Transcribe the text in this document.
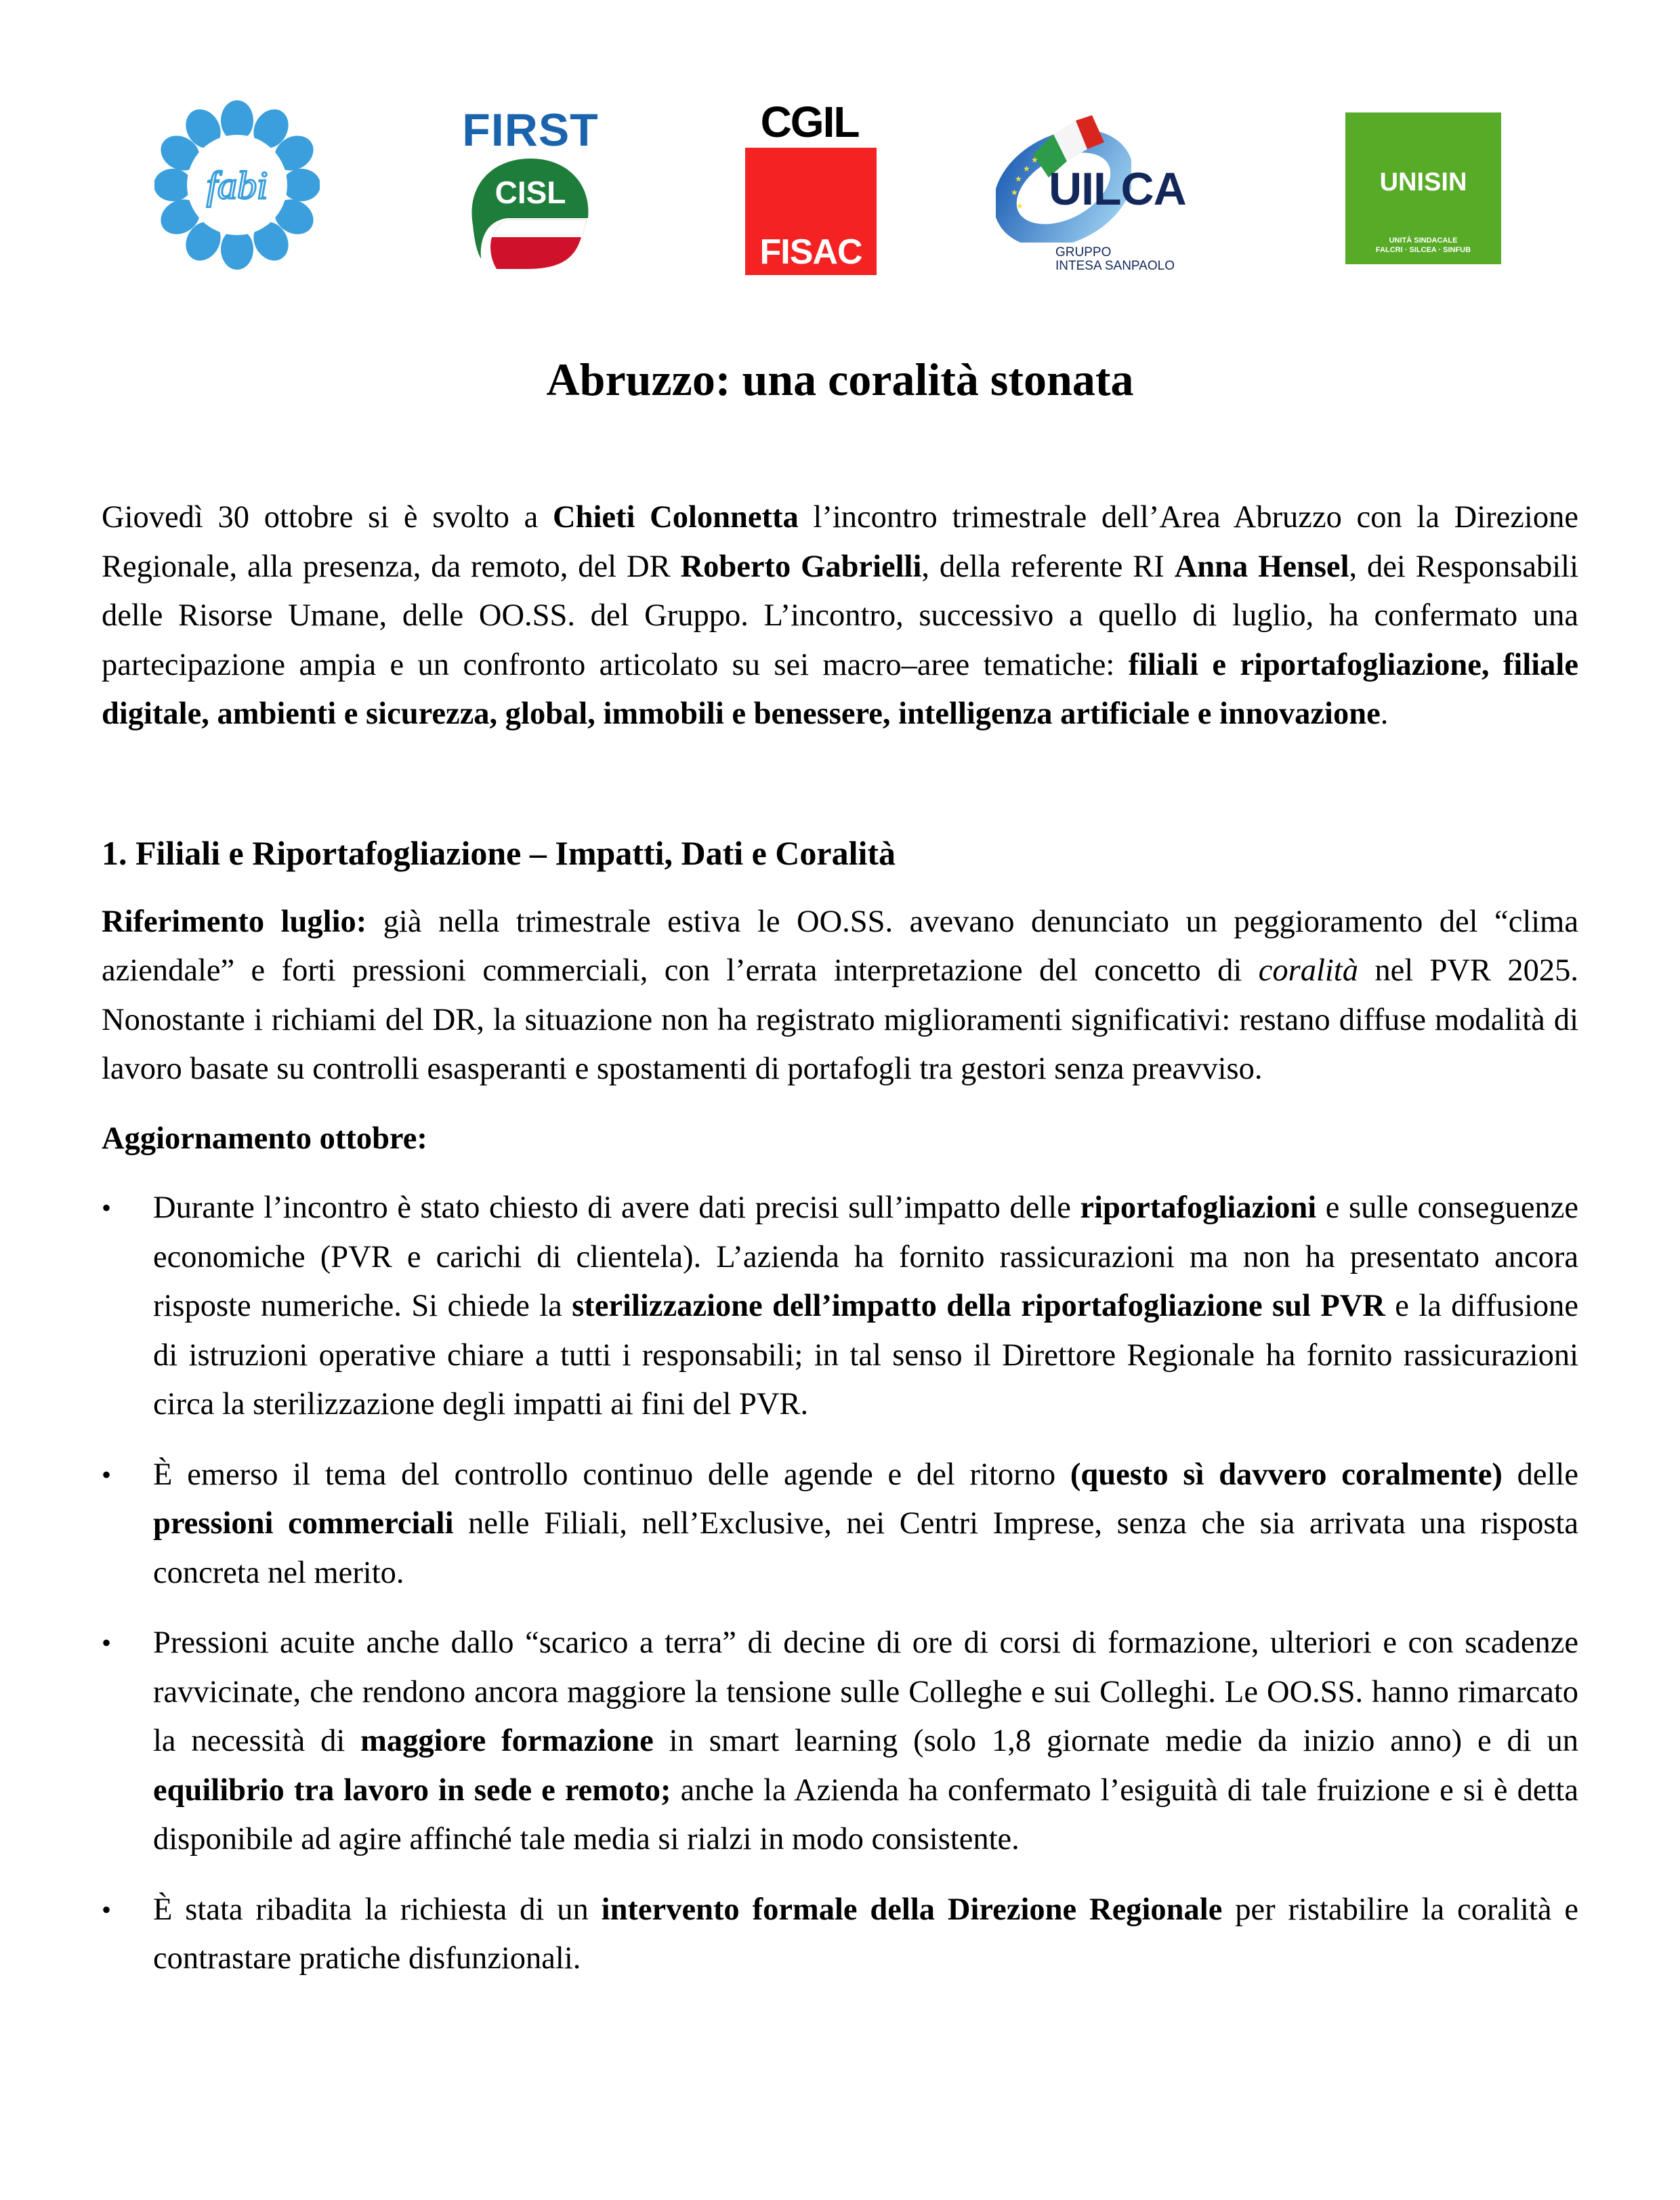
fabi
FIRST
CISL
CGIL
FISAC
★
★
★
★
★
UILCA
GRUPPO
INTESA SANPAOLO
UNISIN
UNITÀ SINDACALE
FALCRI · SILCEA · SINFUB
Abruzzo: una coralità stonata

Giovedì 30 ottobre si è svolto a Chieti Colonnetta l’incontro trimestrale dell’Area Abruzzo con la Direzione Regionale, alla presenza, da remoto, del DR Roberto Gabrielli, della referente RI Anna Hensel, dei Responsabili delle Risorse Umane, delle OO.SS. del Gruppo. L’incontro, successivo a quello di luglio, ha confermato una partecipazione ampia e un confronto articolato su sei macro–aree tematiche: filiali e riportafogliazione, filiale digitale, ambienti e sicurezza, global, immobili e benessere, intelligenza artificiale e innovazione.

1. Filiali e Riportafogliazione – Impatti, Dati e Coralità

Riferimento luglio: già nella trimestrale estiva le OO.SS. avevano denunciato un peggioramento del “clima aziendale” e forti pressioni commerciali, con l’errata interpretazione del concetto di coralità nel PVR 2025. Nonostante i richiami del DR, la situazione non ha registrato miglioramenti significativi: restano diffuse modalità di lavoro basate su controlli esasperanti e spostamenti di portafogli tra gestori senza preavviso.

Aggiornamento ottobre:

• Durante l’incontro è stato chiesto di avere dati precisi sull’impatto delle riportafogliazioni e sulle conseguenze economiche (PVR e carichi di clientela). L’azienda ha fornito rassicurazioni ma non ha presentato ancora risposte numeriche. Si chiede la sterilizzazione dell’impatto della riportafogliazione sul PVR e la diffusione di istruzioni operative chiare a tutti i responsabili; in tal senso il Direttore Regionale ha fornito rassicurazioni circa la sterilizzazione degli impatti ai fini del PVR.
• È emerso il tema del controllo continuo delle agende e del ritorno (questo sì davvero coralmente) delle pressioni commerciali nelle Filiali, nell’Exclusive, nei Centri Imprese, senza che sia arrivata una risposta concreta nel merito.
• Pressioni acuite anche dallo “scarico a terra” di decine di ore di corsi di formazione, ulteriori e con scadenze ravvicinate, che rendono ancora maggiore la tensione sulle Colleghe e sui Colleghi. Le OO.SS. hanno rimarcato la necessità di maggiore formazione in smart learning (solo 1,8 giornate medie da inizio anno) e di un equilibrio tra lavoro in sede e remoto; anche la Azienda ha confermato l’esiguità di tale fruizione e si è detta disponibile ad agire affinché tale media si rialzi in modo consistente.
• È stata ribadita la richiesta di un intervento formale della Direzione Regionale per ristabilire la coralità e contrastare pratiche disfunzionali.
